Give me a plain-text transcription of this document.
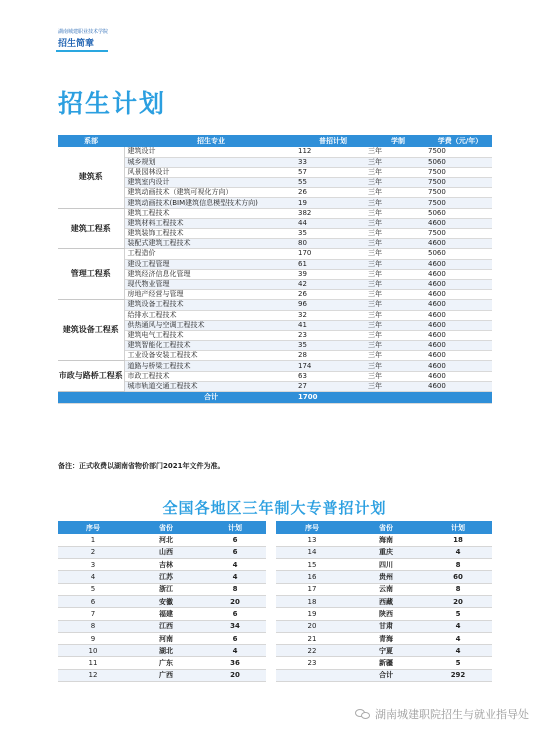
湖南城建职业技术学院
招生简章
招生计划
系部	招生专业	普招计划	学制	学费（元/年）
建筑系	建筑设计	112	三年	7500
	城乡规划	33	三年	5060
	风景园林设计	57	三年	7500
	建筑室内设计	55	三年	7500
	建筑动画技术（建筑可视化方向）	26	三年	7500
	建筑动画技术(BIM建筑信息模型技术方向)	19	三年	7500
建筑工程系	建筑工程技术	382	三年	5060
	建筑材料工程技术	44	三年	4600
	建筑装饰工程技术	35	三年	7500
	装配式建筑工程技术	80	三年	4600
管理工程系	工程造价	170	三年	5060
	建设工程管理	61	三年	4600
	建筑经济信息化管理	39	三年	4600
	现代物业管理	42	三年	4600
	房地产经营与管理	26	三年	4600
建筑设备工程系	建筑设备工程技术	96	三年	4600
	给排水工程技术	32	三年	4600
	供热通风与空调工程技术	41	三年	4600
	建筑电气工程技术	23	三年	4600
	建筑智能化工程技术	35	三年	4600
	工业设备安装工程技术	28	三年	4600
市政与路桥工程系	道路与桥梁工程技术	174	三年	4600
	市政工程技术	63	三年	4600
	城市轨道交通工程技术	27	三年	4600
	合计	1700		
备注：正式收费以湖南省物价部门2021年文件为准。
全国各地区三年制大专普招计划
序号	省份	计划		序号	省份	计划
1	河北	6		13	海南	18
2	山西	6		14	重庆	4
3	吉林	4		15	四川	8
4	江苏	4		16	贵州	60
5	浙江	8		17	云南	8
6	安徽	20		18	西藏	20
7	福建	6		19	陕西	5
8	江西	34		20	甘肃	4
9	河南	6		21	青海	4
10	湖北	4		22	宁夏	4
11	广东	36		23	新疆	5
12	广西	20			合计	292
湖南城建职院招生与就业指导处
